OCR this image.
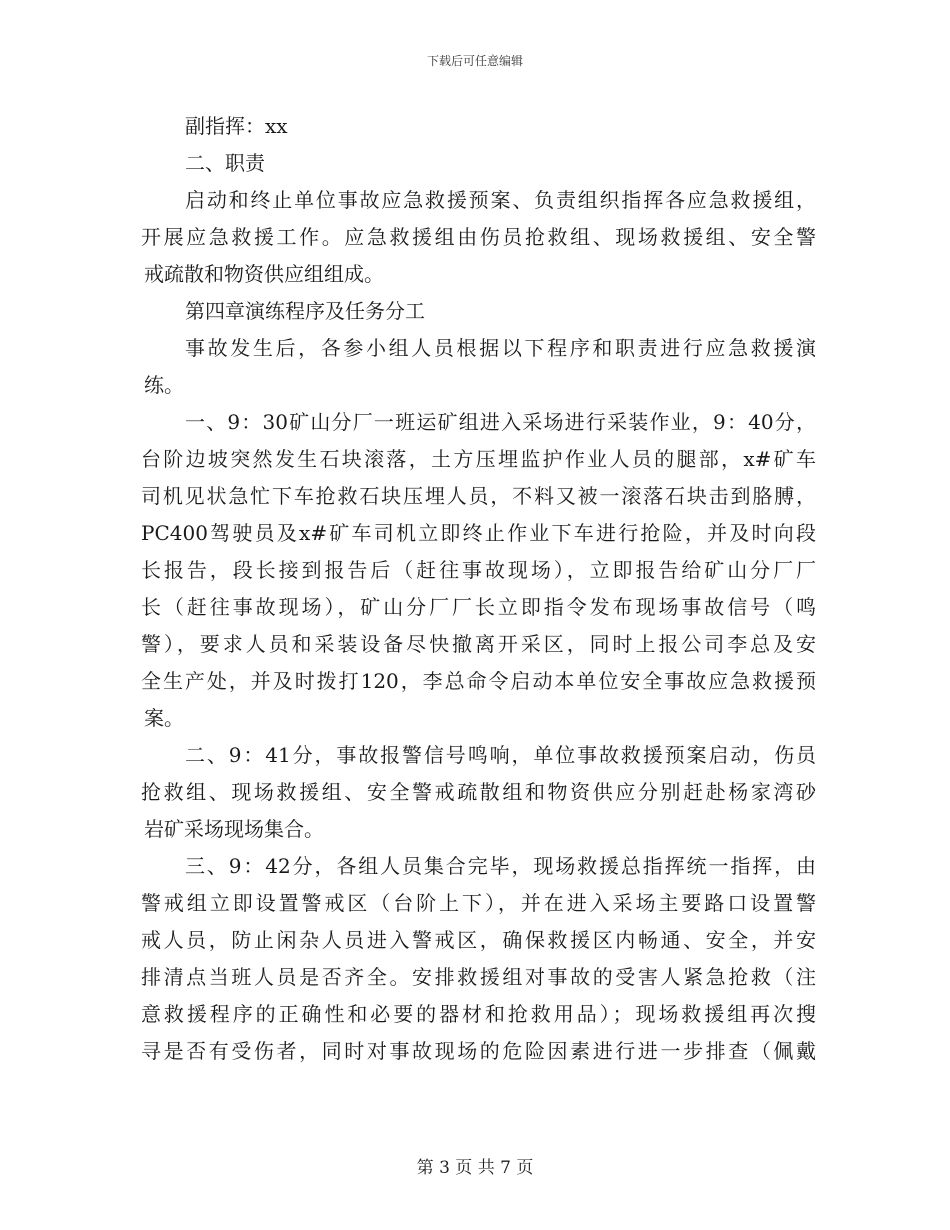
下载后可任意编辑
副指挥：xx
二、职责
启动和终止单位事故应急救援预案、负责组织指挥各应急救援组，
开展应急救援工作。应急救援组由伤员抢救组、现场救援组、安全警
戒疏散和物资供应组组成。
第四章演练程序及任务分工
事故发生后，各参小组人员根据以下程序和职责进行应急救援演
练。
一、9：30矿山分厂一班运矿组进入采场进行采装作业，9：40分，
台阶边坡突然发生石块滚落，土方压埋监护作业人员的腿部，x#矿车
司机见状急忙下车抢救石块压埋人员，不料又被一滚落石块击到胳膊，
PC400驾驶员及x#矿车司机立即终止作业下车进行抢险，并及时向段
长报告，段长接到报告后（赶往事故现场），立即报告给矿山分厂厂
长（赶往事故现场），矿山分厂厂长立即指令发布现场事故信号（鸣
警），要求人员和采装设备尽快撤离开采区，同时上报公司李总及安
全生产处，并及时拨打120，李总命令启动本单位安全事故应急救援预
案。
二、9：41分，事故报警信号鸣响，单位事故救援预案启动，伤员
抢救组、现场救援组、安全警戒疏散组和物资供应分别赶赴杨家湾砂
岩矿采场现场集合。
三、9：42分，各组人员集合完毕，现场救援总指挥统一指挥，由
警戒组立即设置警戒区（台阶上下），并在进入采场主要路口设置警
戒人员，防止闲杂人员进入警戒区，确保救援区内畅通、安全，并安
排清点当班人员是否齐全。安排救援组对事故的受害人紧急抢救（注
意救援程序的正确性和必要的器材和抢救用品）；现场救援组再次搜
寻是否有受伤者，同时对事故现场的危险因素进行进一步排查（佩戴
第 3 页 共 7 页
